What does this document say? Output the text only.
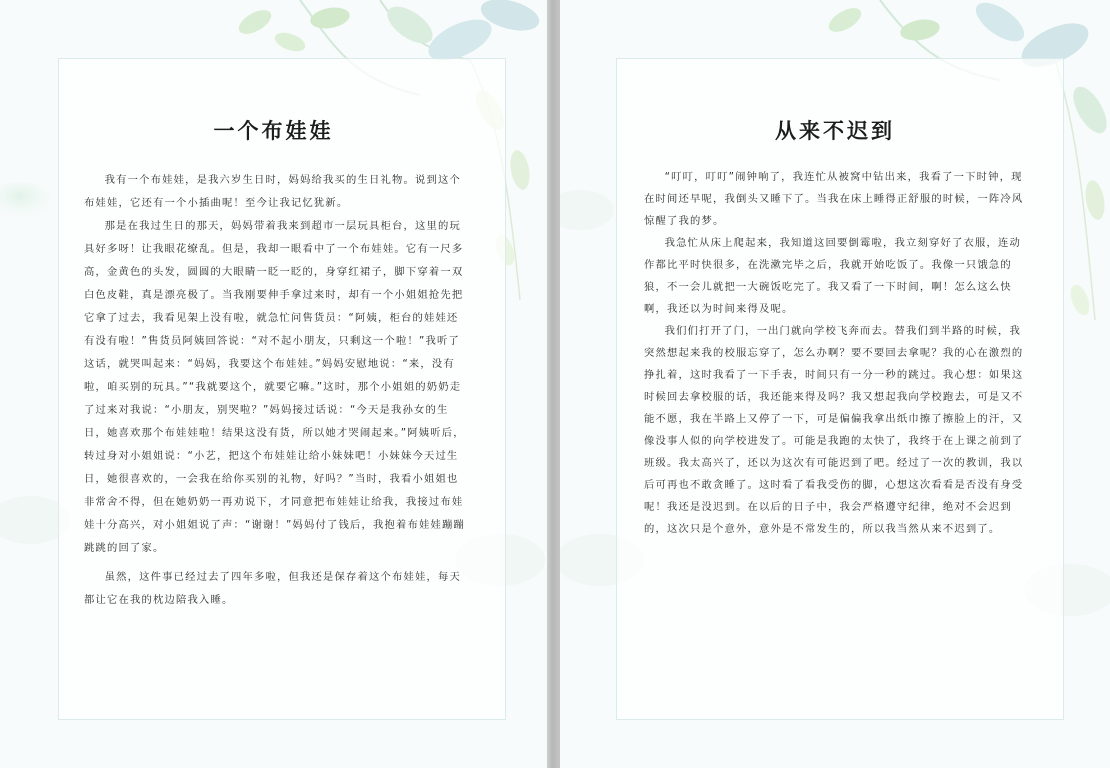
一个布娃娃

我有一个布娃娃，是我六岁生日时，妈妈给我买的生日礼物。说到这个布娃娃，它还有一个小插曲呢！至今让我记忆犹新。

那是在我过生日的那天，妈妈带着我来到超市一层玩具柜台，这里的玩具好多呀！让我眼花缭乱。但是，我却一眼看中了一个布娃娃。它有一尺多高，金黄色的头发，圆圆的大眼睛一眨一眨的，身穿红裙子，脚下穿着一双白色皮鞋，真是漂亮极了。当我刚要伸手拿过来时，却有一个小姐姐抢先把它拿了过去，我看见架上没有啦，就急忙问售货员：“阿姨，柜台的娃娃还有没有啦！”售货员阿姨回答说：“对不起小朋友，只剩这一个啦！”我听了这话，就哭叫起来：“妈妈，我要这个布娃娃。”妈妈安慰地说：“来，没有啦，咱买别的玩具。”“我就要这个，就要它嘛。”这时，那个小姐姐的奶奶走了过来对我说：“小朋友，别哭啦？”妈妈接过话说：“今天是我孙女的生日，她喜欢那个布娃娃啦！结果这没有货，所以她才哭闹起来。”阿姨听后，转过身对小姐姐说：“小艺，把这个布娃娃让给小妹妹吧！小妹妹今天过生日，她很喜欢的，一会我在给你买别的礼物，好吗？”当时，我看小姐姐也非常舍不得，但在她奶奶一再劝说下，才同意把布娃娃让给我，我接过布娃娃十分高兴，对小姐姐说了声：“谢谢！”妈妈付了钱后，我抱着布娃娃蹦蹦跳跳的回了家。

虽然，这件事已经过去了四年多啦，但我还是保存着这个布娃娃，每天都让它在我的枕边陪我入睡。

从来不迟到

“叮叮，叮叮”闹钟响了，我连忙从被窝中钻出来，我看了一下时钟，现在时间还早呢，我倒头又睡下了。当我在床上睡得正舒服的时候，一阵冷风惊醒了我的梦。

我急忙从床上爬起来，我知道这回要倒霉啦，我立刻穿好了衣服，连动作都比平时快很多，在洗漱完毕之后，我就开始吃饭了。我像一只饿急的狼，不一会儿就把一大碗饭吃完了。我又看了一下时间，啊！怎么这么快啊，我还以为时间来得及呢。

我们们打开了门，一出门就向学校飞奔而去。替我们到半路的时候，我突然想起来我的校服忘穿了，怎么办啊？要不要回去拿呢？我的心在激烈的挣扎着，这时我看了一下手表，时间只有一分一秒的跳过。我心想：如果这时候回去拿校服的话，我还能来得及吗？我又想起我向学校跑去，可是又不能不愿，我在半路上又停了一下，可是偏偏我拿出纸巾擦了擦脸上的汗，又像没事人似的向学校进发了。可能是我跑的太快了，我终于在上课之前到了班级。我太高兴了，还以为这次有可能迟到了吧。经过了一次的教训，我以后可再也不敢贪睡了。这时看了看我受伤的脚，心想这次看看是否没有身受呢！我还是没迟到。在以后的日子中，我会严格遵守纪律，绝对不会迟到的，这次只是个意外，意外是不常发生的，所以我当然从来不迟到了。
